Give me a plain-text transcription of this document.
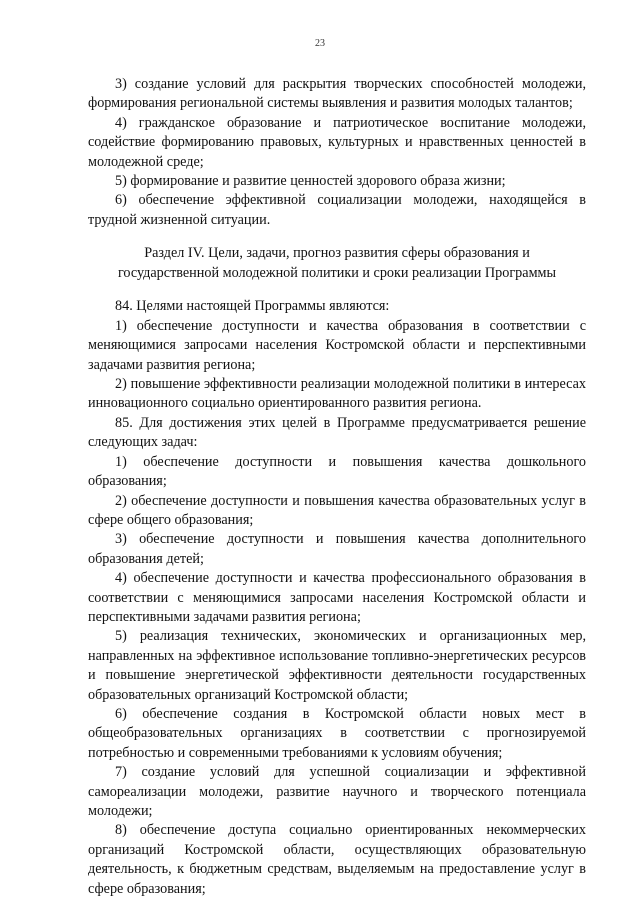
23

3) создание условий для раскрытия творческих способностей молодежи, формирования региональной системы выявления и развития молодых талантов;

4) гражданское образование и патриотическое воспитание молодежи, содействие формированию правовых, культурных и нравственных ценностей в молодежной среде;

5) формирование и развитие ценностей здорового образа жизни;

6) обеспечение эффективной социализации молодежи, находящейся в трудной жизненной ситуации.

Раздел IV. Цели, задачи, прогноз развития сферы образования и
государственной молодежной политики и сроки реализации Программы

84. Целями настоящей Программы являются:

1) обеспечение доступности и качества образования в соответствии с меняющимися запросами населения Костромской области и перспективными задачами развития региона;

2) повышение эффективности реализации молодежной политики в интересах инновационного социально ориентированного развития региона.

85. Для достижения этих целей в Программе предусматривается решение следующих задач:

1) обеспечение доступности и повышения качества дошкольного образования;

2) обеспечение доступности и повышения качества образовательных услуг в сфере общего образования;

3) обеспечение доступности и повышения качества дополнительного образования детей;

4) обеспечение доступности и качества профессионального образования в соответствии с меняющимися запросами населения Костромской области и перспективными задачами развития региона;

5) реализация технических, экономических и организационных мер, направленных на эффективное использование топливно-энергетических ресурсов и повышение энергетической эффективности деятельности государственных образовательных организаций Костромской области;

6) обеспечение создания в Костромской области новых мест в общеобразовательных организациях в соответствии с прогнозируемой потребностью и современными требованиями к условиям обучения;

7) создание условий для успешной социализации и эффективной самореализации молодежи, развитие научного и творческого потенциала молодежи;

8) обеспечение доступа социально ориентированных некоммерческих организаций Костромской области, осуществляющих образовательную деятельность, к бюджетным средствам, выделяемым на предоставление услуг в сфере образования;
